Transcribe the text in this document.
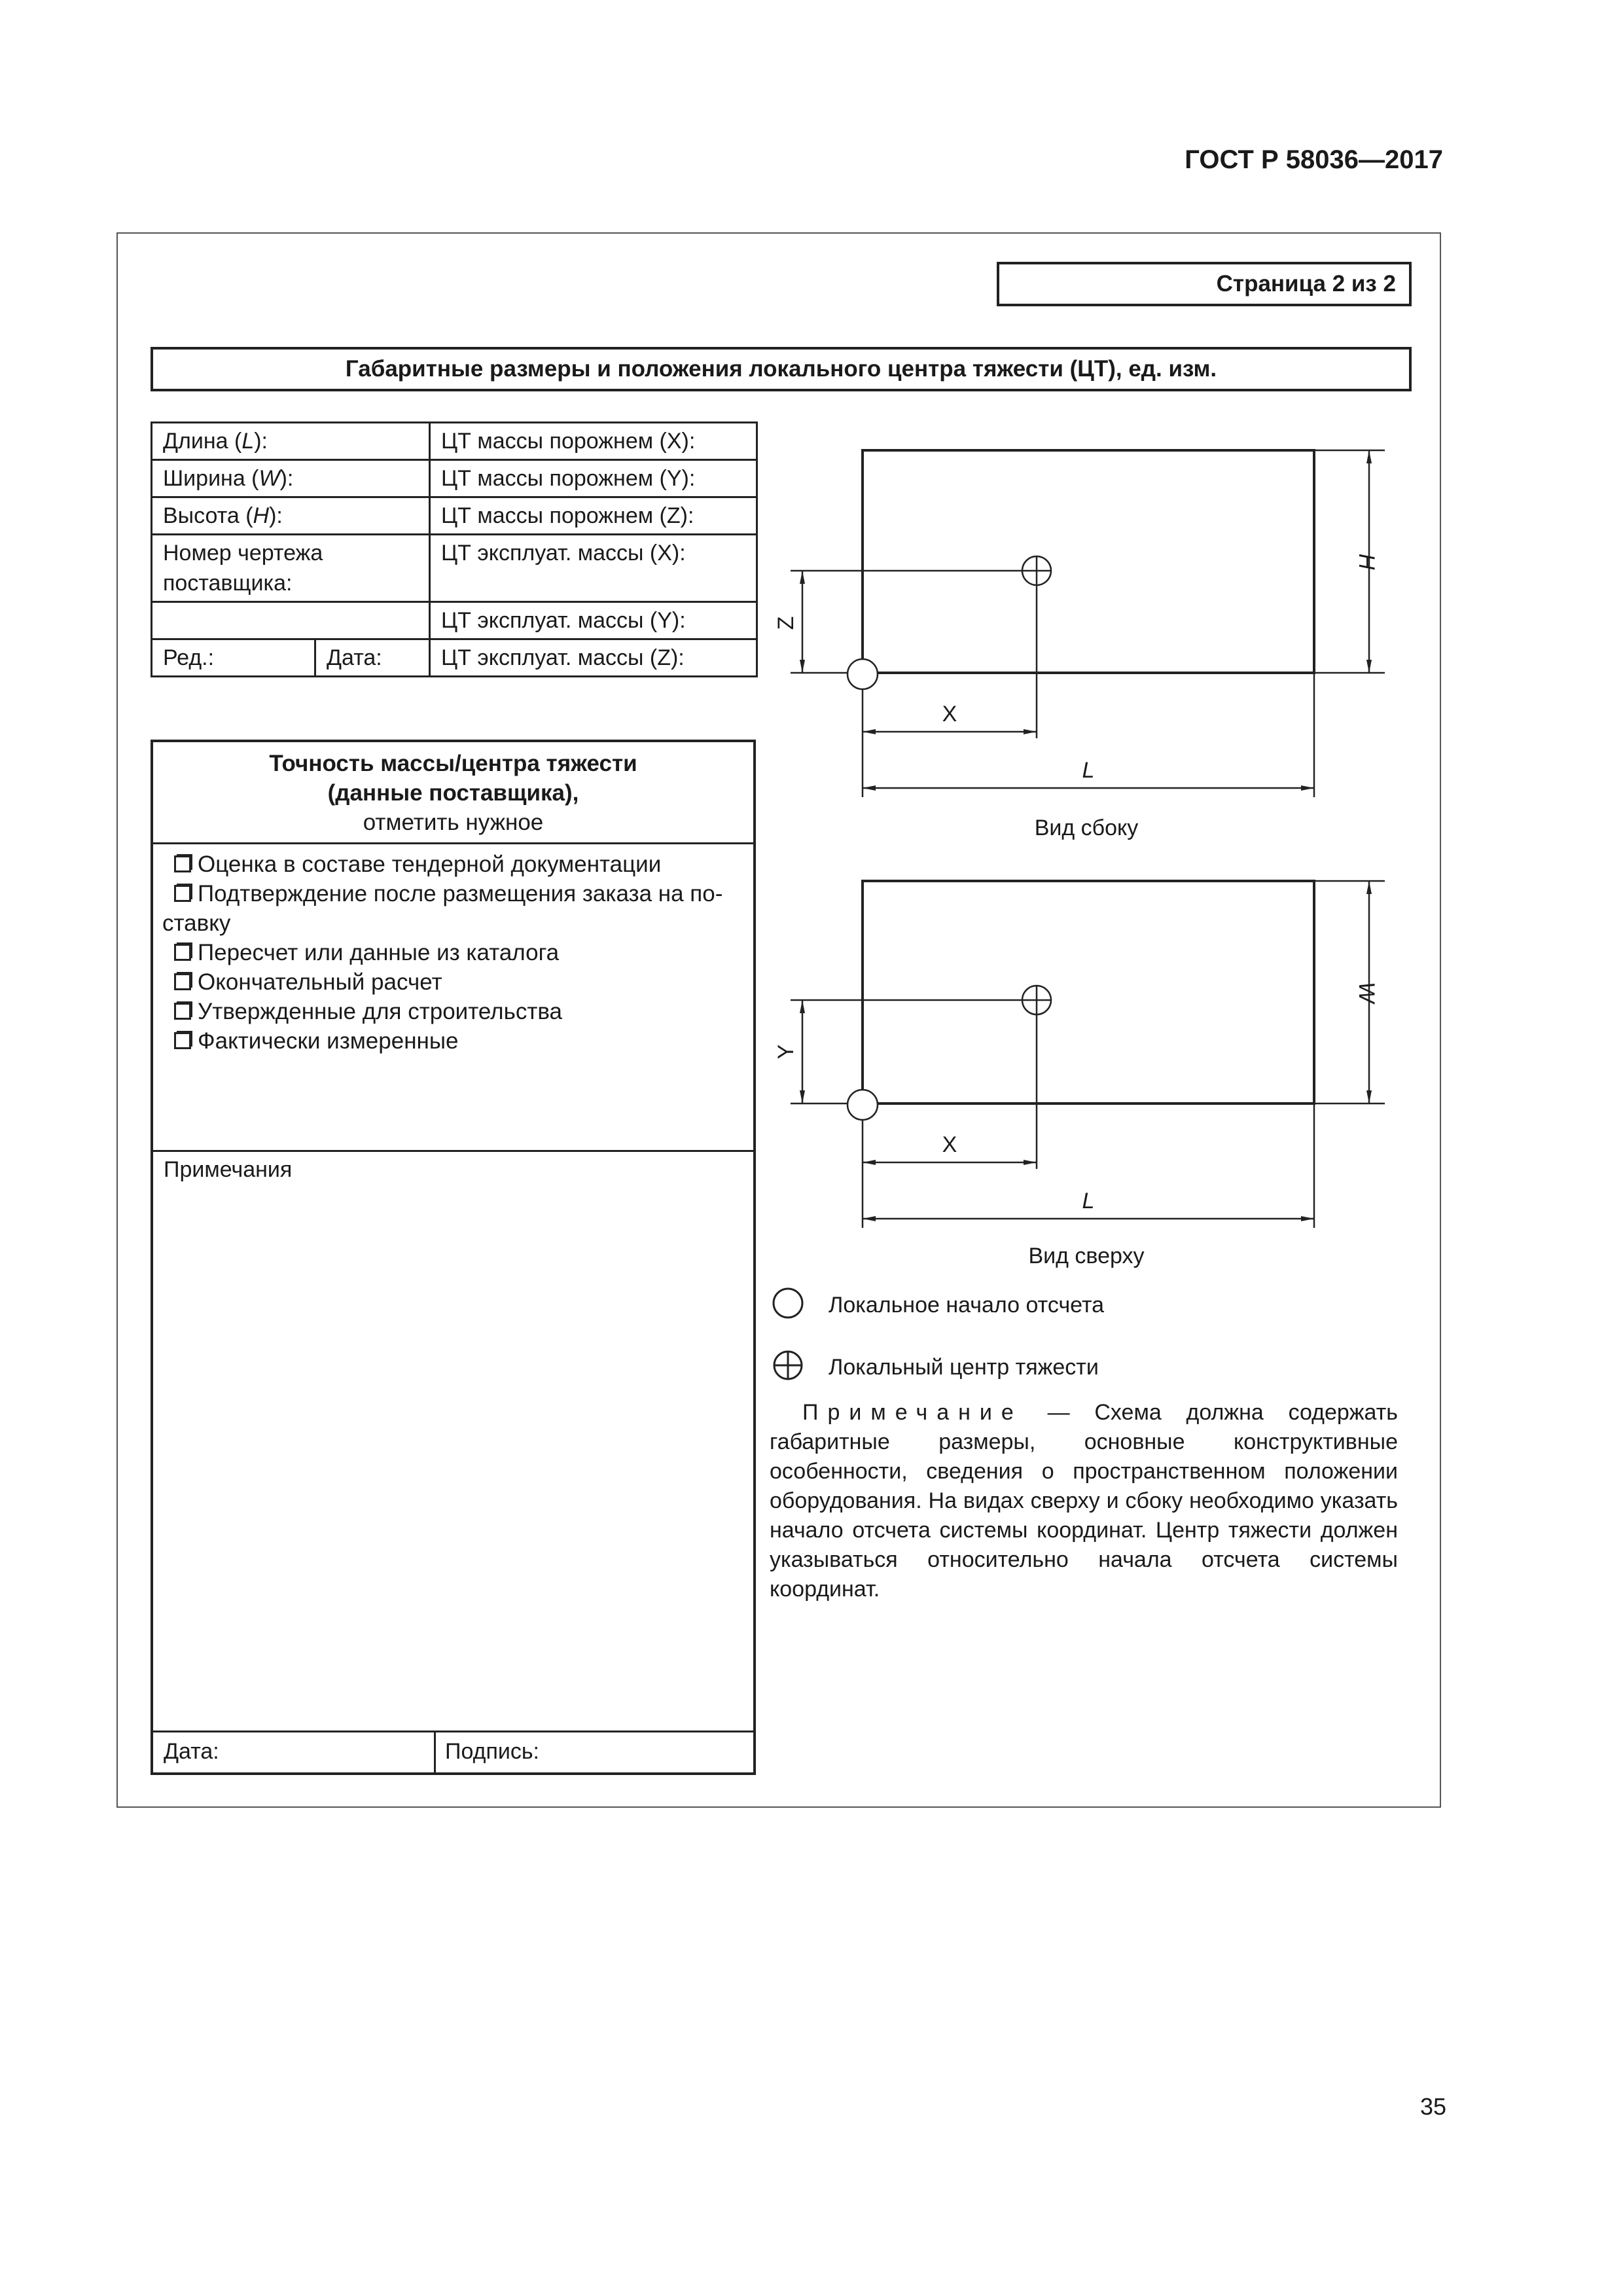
ГОСТ Р 58036—2017
Страница 2 из 2
Габаритные размеры и положения локального центра тяжести (ЦТ), ед. изм.
Длина (L):		ЦТ массы порожнем (X):
Ширина (W):		ЦТ массы порожнем (Y):
Высота (H):		ЦТ массы порожнем (Z):

Номер чертежа поставщика:		ЦТ эксплуат. массы (X):
		ЦТ эксплуат. массы (Y):
Ред.:	Дата:	ЦТ эксплуат. массы (Z):
Точность массы/центра тяжести
(данные поставщика),
отметить нужное
Оценка в составе тендерной документации
Подтверждение после размещения заказа на по-
ставку
Пересчет или данные из каталога
Окончательный расчет
Утвержденные для строительства
Фактически измеренные
Примечания
Дата:	Подпись:
X
L
Z
H
Вид сбоку
X
L
Y
W
Вид сверху
Локальное начало отсчета
Локальный центр тяжести
Примечание — Схема должна содержать габаритные размеры, основные конструктивные особенности, сведения о пространственном положении оборудования. На видах сверху и сбоку необходимо указать начало отсчета системы координат. Центр тяжести должен указываться относительно начала отсчета системы координат.
35
